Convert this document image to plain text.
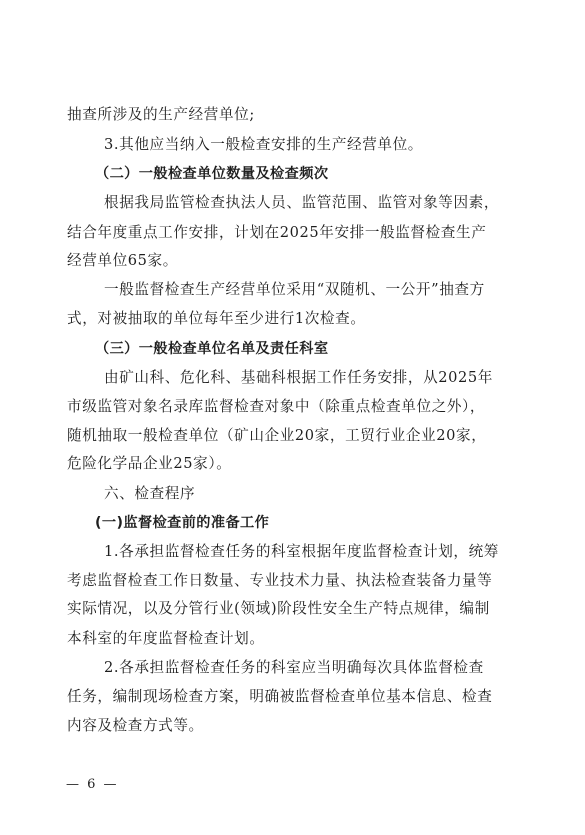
抽查所涉及的生产经营单位;
3.其他应当纳入一般检查安排的生产经营单位。
（二）一般检查单位数量及检查频次
根据我局监管检查执法人员、监管范围、监管对象等因素，
结合年度重点工作安排，计划在2025年安排一般监督检查生产
经营单位65家。
一般监督检查生产经营单位采用“双随机、一公开”抽查方
式，对被抽取的单位每年至少进行1次检查。
（三）一般检查单位名单及责任科室
由矿山科、危化科、基础科根据工作任务安排，从2025年
市级监管对象名录库监督检查对象中（除重点检查单位之外），
随机抽取一般检查单位（矿山企业20家，工贸行业企业20家，
危险化学品企业25家）。
六、检查程序
(一)监督检查前的准备工作
1.各承担监督检查任务的科室根据年度监督检查计划，统筹
考虑监督检查工作日数量、专业技术力量、执法检查装备力量等
实际情况，以及分管行业(领域)阶段性安全生产特点规律，编制
本科室的年度监督检查计划。
2.各承担监督检查任务的科室应当明确每次具体监督检查
任务，编制现场检查方案，明确被监督检查单位基本信息、检查
内容及检查方式等。
— 6 —
